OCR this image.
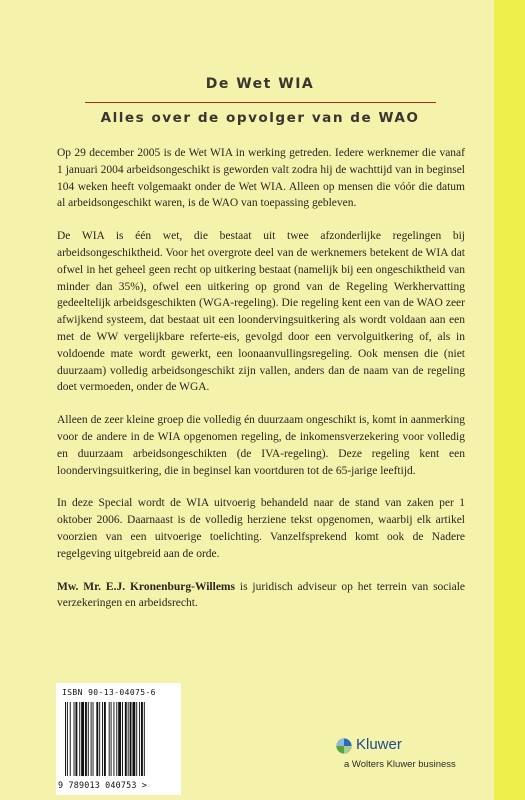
De Wet WIA
Alles over de opvolger van de WAO

Op 29 december 2005 is de Wet WIA in werking getreden. Iedere werknemer die vanaf 1 januari 2004 arbeidsongeschikt is geworden valt zodra hij de wachttijd van in beginsel 104 weken heeft volgemaakt onder de Wet WIA. Alleen op mensen die vóór die datum al arbeidsongeschikt waren, is de WAO van toepassing gebleven.

De WIA is één wet, die bestaat uit twee afzonderlijke regelingen bij arbeidsongeschiktheid. Voor het overgrote deel van de werknemers betekent de WIA dat ofwel in het geheel geen recht op uitkering bestaat (namelijk bij een ongeschiktheid van minder dan 35%), ofwel een uitkering op grond van de Regeling Werkhervatting gedeeltelijk arbeidsgeschikten (WGA-regeling). Die regeling kent een van de WAO zeer afwijkend systeem, dat bestaat uit een loondervingsuitkering als wordt voldaan aan een met de WW vergelijkbare referte-eis, gevolgd door een vervolguitkering of, als in voldoende mate wordt gewerkt, een loonaanvullingsregeling. Ook mensen die (niet duurzaam) volledig arbeidsongeschikt zijn vallen, anders dan de naam van de regeling doet vermoeden, onder de WGA.

Alleen de zeer kleine groep die volledig én duurzaam ongeschikt is, komt in aanmerking voor de andere in de WIA opgenomen regeling, de inkomensverzekering voor volledig en duurzaam arbeidsongeschikten (de IVA-regeling). Deze regeling kent een loondervingsuitkering, die in beginsel kan voortduren tot de 65-jarige leeftijd.

In deze Special wordt de WIA uitvoerig behandeld naar de stand van zaken per 1 oktober 2006. Daarnaast is de volledig herziene tekst opgenomen, waarbij elk artikel voorzien van een uitvoerige toelichting. Vanzelfsprekend komt ook de Nadere regelgeving uitgebreid aan de orde.

Mw. Mr. E.J. Kronenburg-Willems is juridisch adviseur op het terrein van sociale verzekeringen en arbeidsrecht.

ISBN 90-13-04075-6
9 789013 040753 >
Kluwer
a Wolters Kluwer business
